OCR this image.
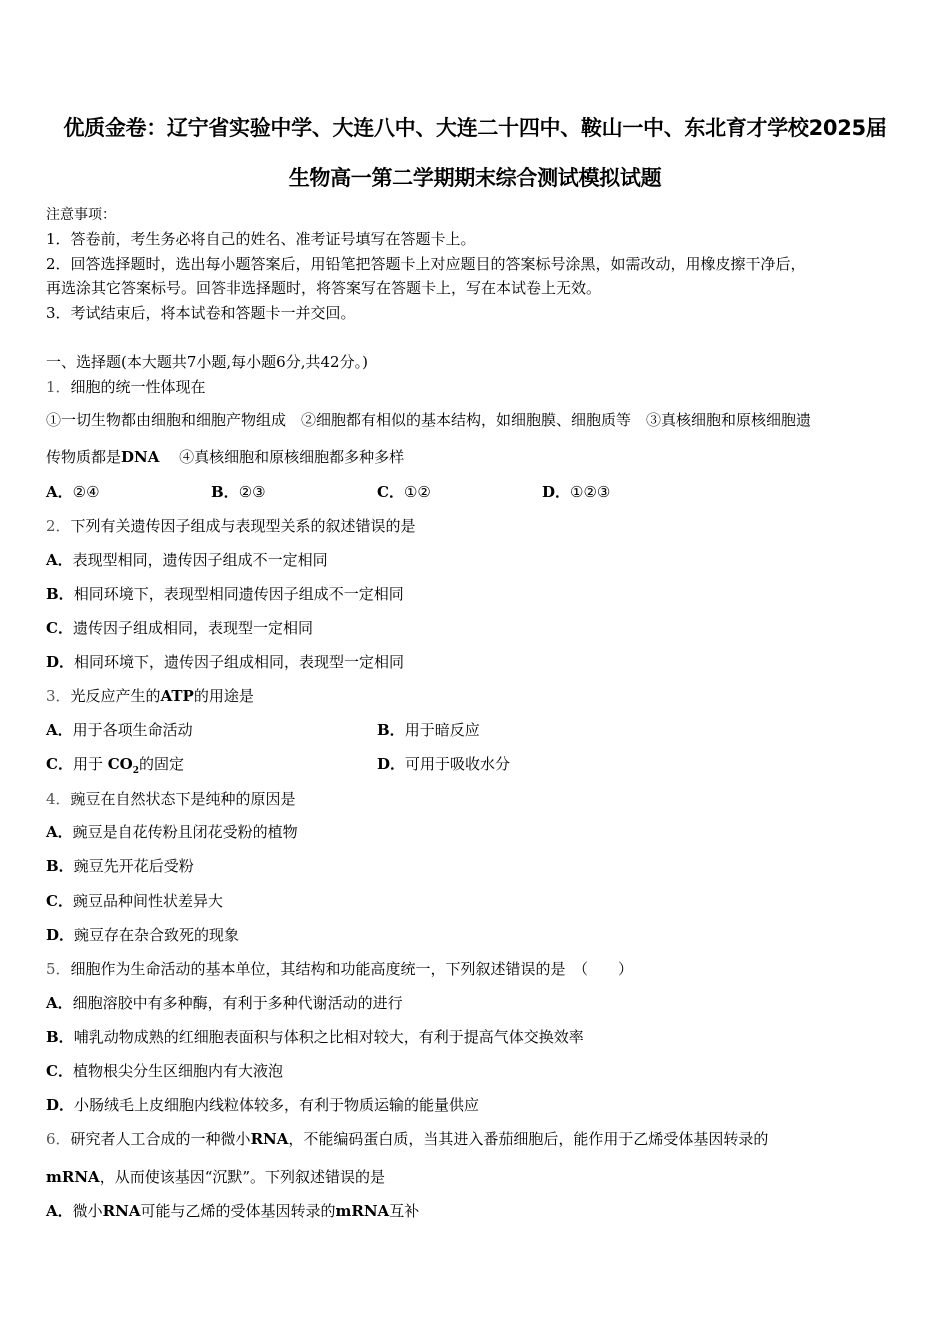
优质金卷：辽宁省实验中学、大连八中、大连二十四中、鞍山一中、东北育才学校2025届
生物高一第二学期期末综合测试模拟试题
注意事项：
1．答卷前，考生务必将自己的姓名、准考证号填写在答题卡上。
2．回答选择题时，选出每小题答案后，用铅笔把答题卡上对应题目的答案标号涂黑，如需改动，用橡皮擦干净后，
再选涂其它答案标号。回答非选择题时，将答案写在答题卡上，写在本试卷上无效。
3．考试结束后，将本试卷和答题卡一并交回。
一、选择题(本大题共7小题,每小题6分,共42分。)
1．细胞的统一性体现在
①一切生物都由细胞和细胞产物组成　②细胞都有相似的基本结构，如细胞膜、细胞质等　③真核细胞和原核细胞遗
传物质都是DNA　 ④真核细胞和原核细胞都多种多样
A．②④	B．②③	C．①②	D．①②③
2．下列有关遗传因子组成与表现型关系的叙述错误的是
A．表现型相同，遗传因子组成不一定相同
B．相同环境下，表现型相同遗传因子组成不一定相同
C．遗传因子组成相同，表现型一定相同
D．相同环境下，遗传因子组成相同，表现型一定相同
3．光反应产生的ATP的用途是
A．用于各项生命活动	B．用于暗反应
C．用于 $CO_2$的固定	D．可用于吸收水分
4．豌豆在自然状态下是纯种的原因是
A．豌豆是自花传粉且闭花受粉的植物
B．豌豆先开花后受粉
C．豌豆品种间性状差异大
D．豌豆存在杂合致死的现象
5．细胞作为生命活动的基本单位，其结构和功能高度统一，下列叙述错误的是　（　　）
A．细胞溶胶中有多种酶，有利于多种代谢活动的进行
B．哺乳动物成熟的红细胞表面积与体积之比相对较大，有利于提高气体交换效率
C．植物根尖分生区细胞内有大液泡
D．小肠绒毛上皮细胞内线粒体较多，有利于物质运输的能量供应
6．研究者人工合成的一种微小RNA，不能编码蛋白质，当其进入番茄细胞后，能作用于乙烯受体基因转录的
mRNA，从而使该基因“沉默”。下列叙述错误的是
A．微小RNA可能与乙烯的受体基因转录的mRNA互补
